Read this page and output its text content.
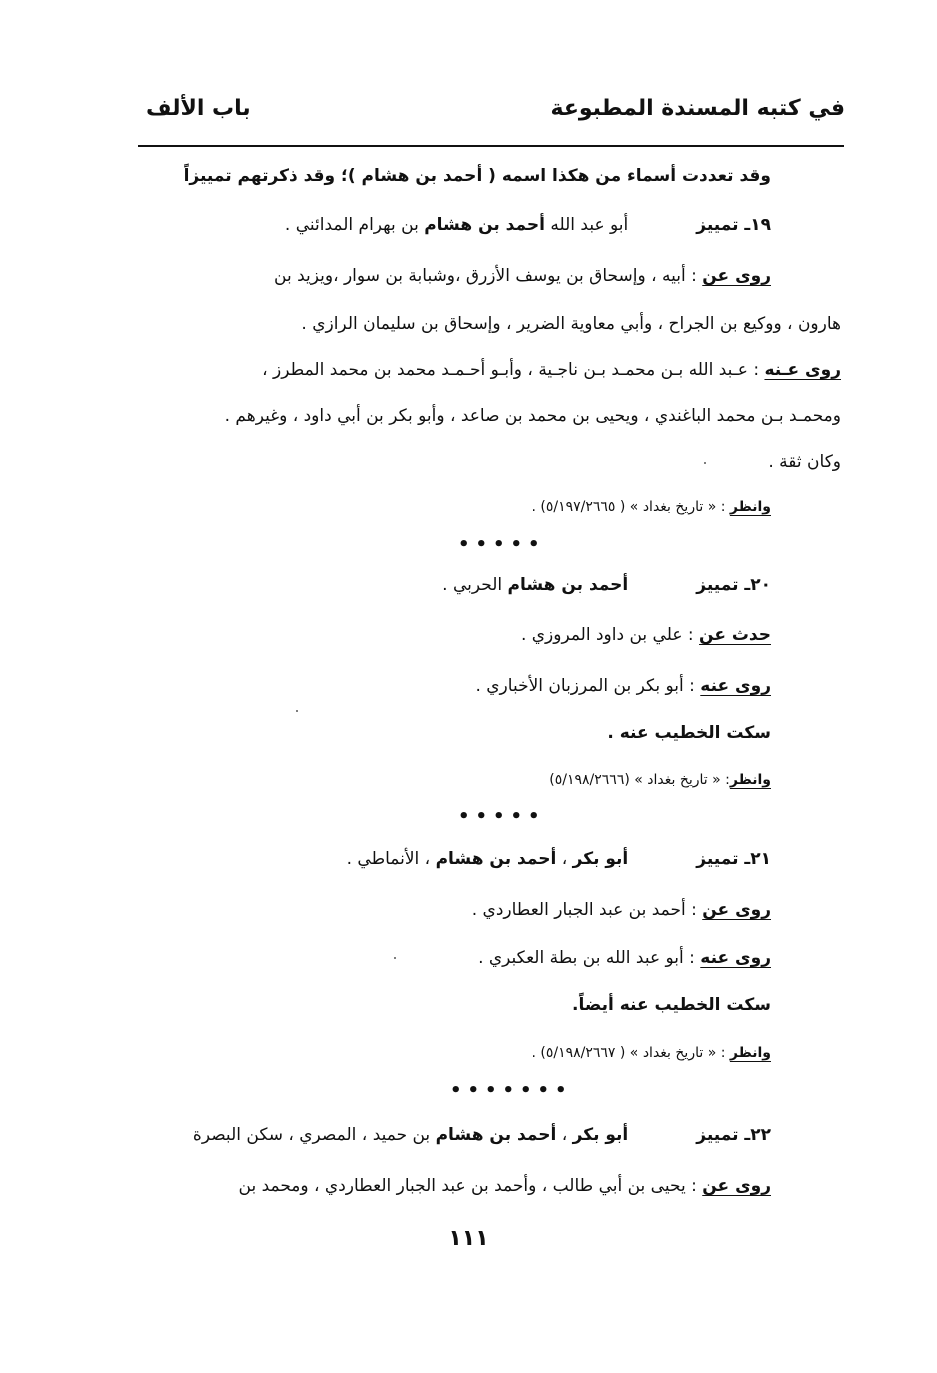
في كتبه المسندة المطبوعة
باب الألف
وقد تعددت أسماء من هكذا اسمه ( أحمد بن هشام )؛ وقد ذكرتهم تمييزاً
١٩ـ تمييزأبو عبد الله أحمد بن هشام بن بهرام المدائني .
روى عن : أبيه ، وإسحاق بن يوسف الأزرق ،وشبابة بن سوار ،ويزيد بن
هارون ، ووكيع بن الجراح ، وأبي معاوية الضرير ، وإسحاق بن سليمان الرازي .
روى عـنه : عـبد الله بـن محمـد بـن ناجـية ، وأبـو أحـمـد محمد بن محمد المطرز ،
ومحمـد بـن محمد الباغندي ، ويحيى بن محمد بن صاعد ، وأبو بكر بن أبي داود ، وغيرهم .
وكان ثقة .
وانظر : « تاريخ بغداد » ( ٥/١٩٧/٢٦٦٥) .
•••••
٢٠ـ تمييزأحمد بن هشام الحربي .
حدث عن : علي بن داود المروزي .
روى عنه : أبو بكر بن المرزبان الأخباري .
سكت الخطيب عنه .
وانظر: « تاريخ بغداد » (٥/١٩٨/٢٦٦٦)
•••••
٢١ـ تمييزأبو بكر ، أحمد بن هشام ، الأنماطي .
روى عن : أحمد بن عبد الجبار العطاردي .
روى عنه : أبو عبد الله بن بطة العكبري .
سكت الخطيب عنه أيضاً.
وانظر : « تاريخ بغداد » ( ٥/١٩٨/٢٦٦٧) .
•••••••
٢٢ـ تمييزأبو بكر ، أحمد بن هشام بن حميد ، المصري ، سكن البصرة
روى عن : يحيى بن أبي طالب ، وأحمد بن عبد الجبار العطاردي ، ومحمد بن
١١١
